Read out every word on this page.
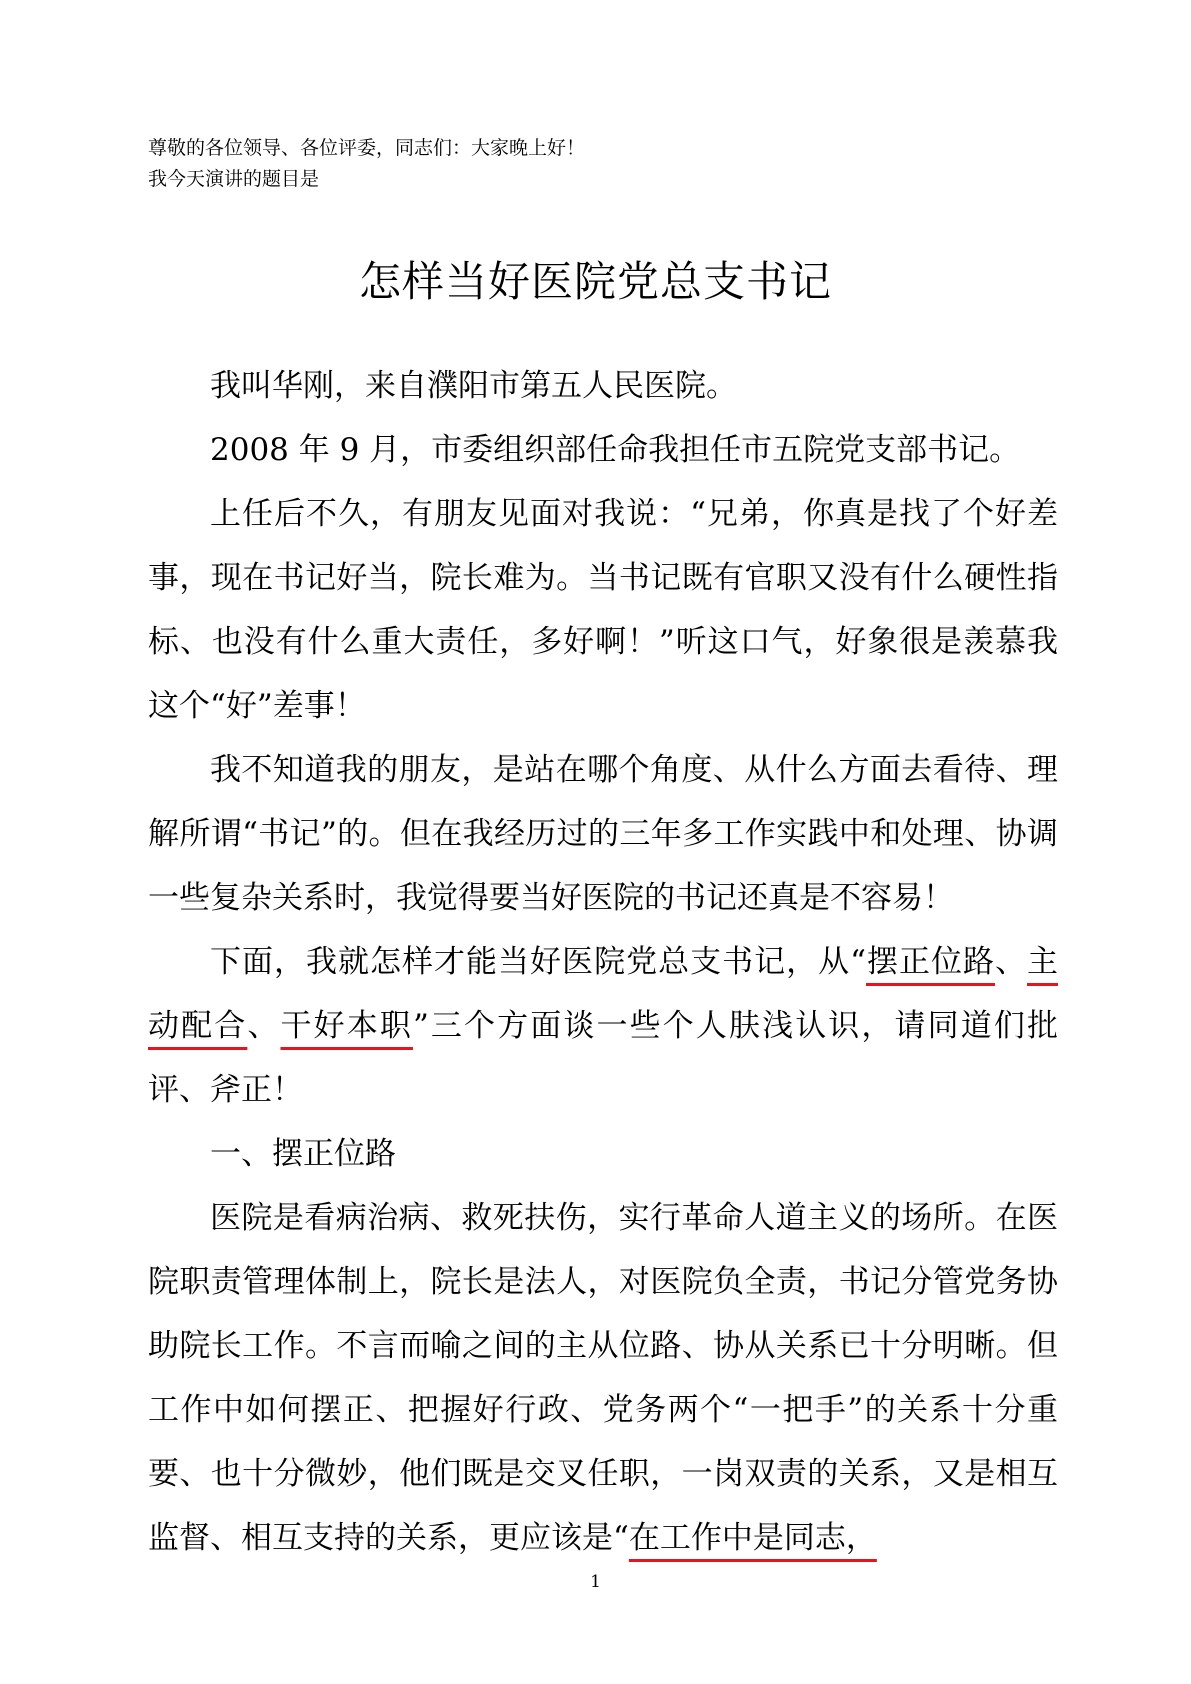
尊敬的各位领导、各位评委，同志们：大家晚上好！
我今天演讲的题目是
怎样当好医院党总支书记

我叫华刚，来自濮阳市第五人民医院。

2008 年 9 月，市委组织部任命我担任市五院党支部书记。

上任后不久，有朋友见面对我说：“兄弟，你真是找了个好差事，现在书记好当，院长难为。当书记既有官职又没有什么硬性指标、也没有什么重大责任，多好啊！”听这口气，好象很是羡慕我这个“好”差事！

我不知道我的朋友，是站在哪个角度、从什么方面去看待、理解所谓“书记”的。但在我经历过的三年多工作实践中和处理、协调一些复杂关系时，我觉得要当好医院的书记还真是不容易！

下面，我就怎样才能当好医院党总支书记，从“摆正位路、主动配合、干好本职”三个方面谈一些个人肤浅认识，请同道们批评、斧正！

一、摆正位路

医院是看病治病、救死扶伤，实行革命人道主义的场所。在医院职责管理体制上，院长是法人，对医院负全责，书记分管党务协助院长工作。不言而喻之间的主从位路、协从关系已十分明晰。但工作中如何摆正、把握好行政、党务两个“一把手”的关系十分重要、也十分微妙，他们既是交叉任职，一岗双责的关系，又是相互监督、相互支持的关系，更应该是“在工作中是同志，

1
